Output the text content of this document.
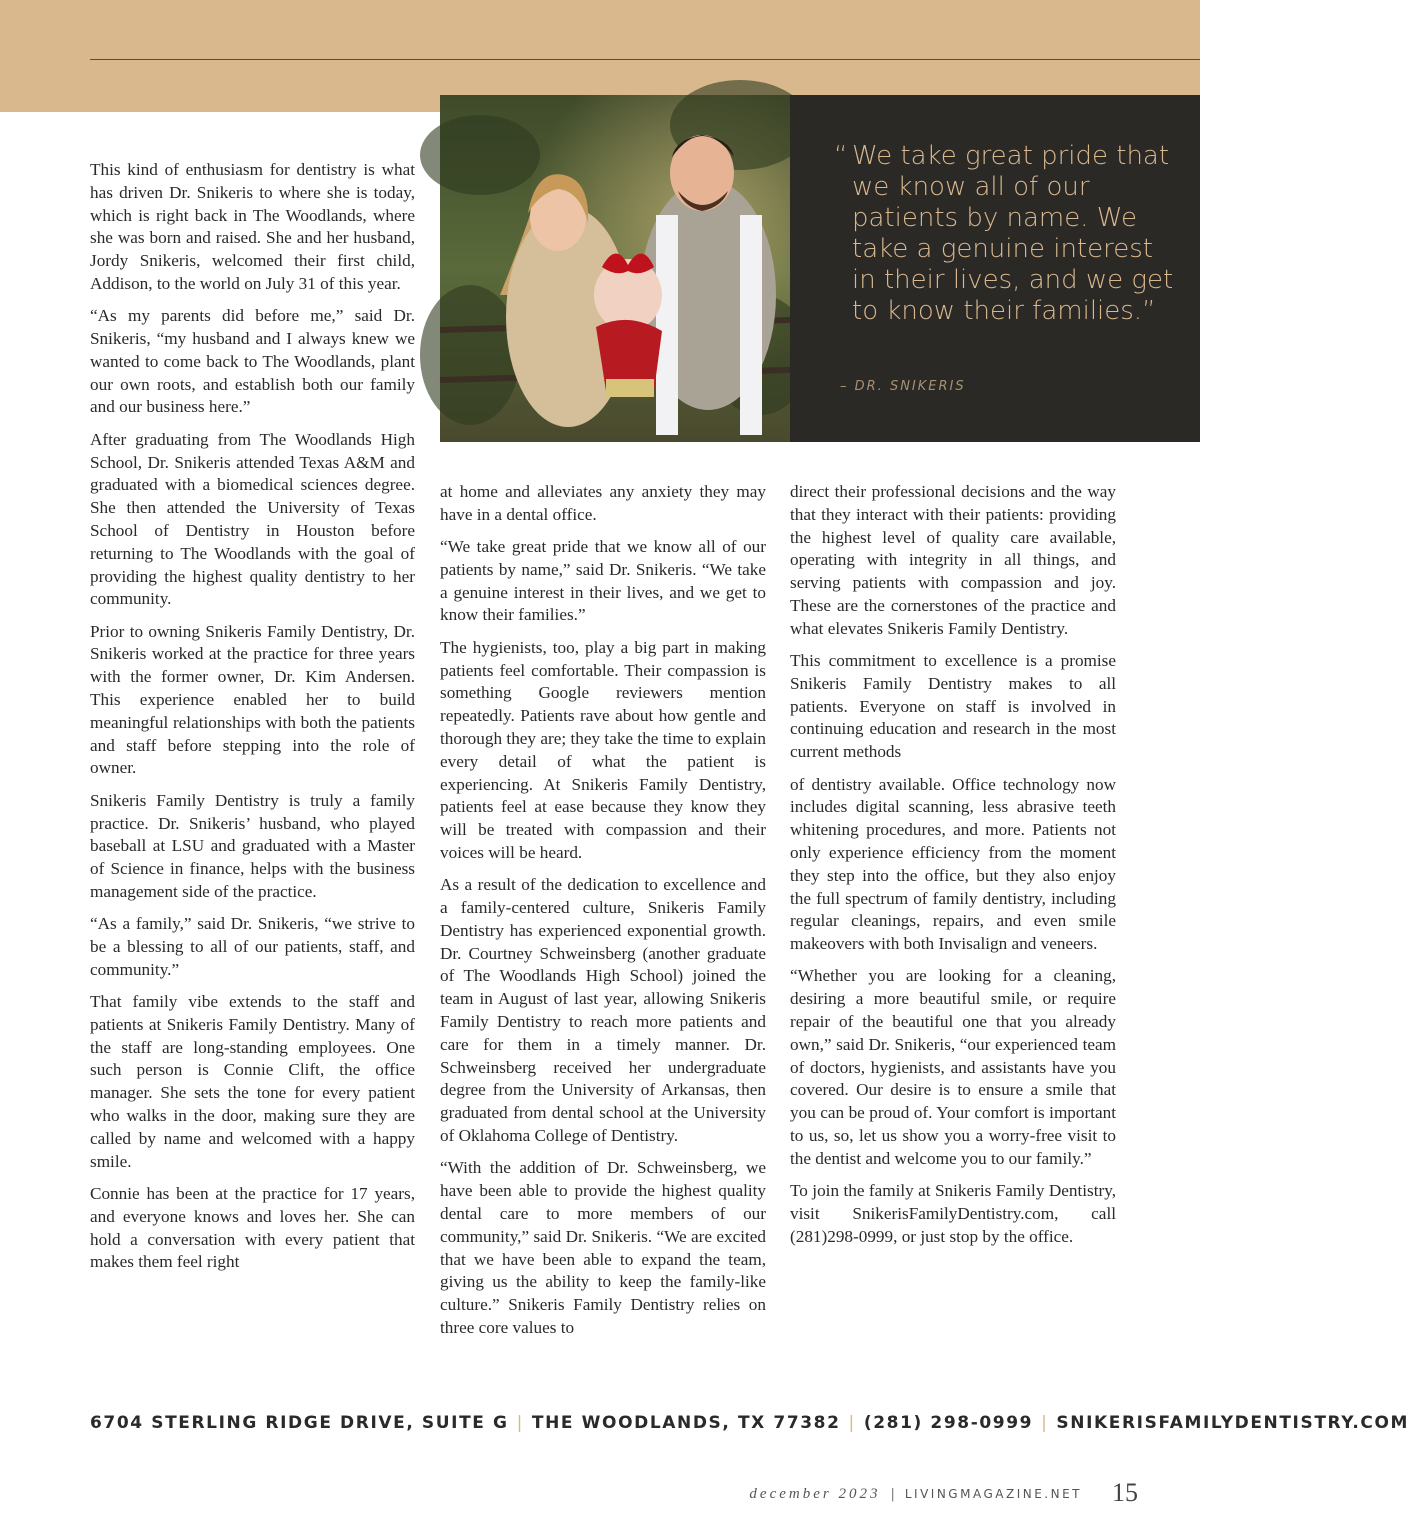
“ We take great pride that we know all of our patients by name. We take a genuine interest in their lives, and we get to know their families.”
– DR. SNIKERIS

This kind of enthusiasm for dentistry is what has driven Dr. Snikeris to where she is today, which is right back in The Woodlands, where she was born and raised. She and her husband, Jordy Snikeris, welcomed their first child, Addison, to the world on July 31 of this year.

“As my parents did before me,” said Dr. Snikeris, “my husband and I always knew we wanted to come back to The Woodlands, plant our own roots, and establish both our family and our business here.”

After graduating from The Woodlands High School, Dr. Snikeris attended Texas A&M and graduated with a biomedical sciences degree. She then attended the University of Texas School of Dentistry in Houston before returning to The Woodlands with the goal of providing the highest quality dentistry to her community.

Prior to owning Snikeris Family Dentistry, Dr. Snikeris worked at the practice for three years with the former owner, Dr. Kim Andersen. This experience enabled her to build meaningful relationships with both the patients and staff before stepping into the role of owner.

Snikeris Family Dentistry is truly a family practice. Dr. Snikeris’ husband, who played baseball at LSU and graduated with a Master of Science in finance, helps with the business management side of the practice.

“As a family,” said Dr. Snikeris, “we strive to be a blessing to all of our patients, staff, and community.”

That family vibe extends to the staff and patients at Snikeris Family Dentistry. Many of the staff are long-standing employees. One such person is Connie Clift, the office manager. She sets the tone for every patient who walks in the door, making sure they are called by name and welcomed with a happy smile.

Connie has been at the practice for 17 years, and everyone knows and loves her. She can hold a conversation with every patient that makes them feel right

at home and alleviates any anxiety they may have in a dental office.

“We take great pride that we know all of our patients by name,” said Dr. Snikeris. “We take a genuine interest in their lives, and we get to know their families.”

The hygienists, too, play a big part in making patients feel comfortable. Their compassion is something Google reviewers mention repeatedly. Patients rave about how gentle and thorough they are; they take the time to explain every detail of what the patient is experiencing. At Snikeris Family Dentistry, patients feel at ease because they know they will be treated with compassion and their voices will be heard.

As a result of the dedication to excellence and a family-centered culture, Snikeris Family Dentistry has experienced exponential growth. Dr. Courtney Schweinsberg (another graduate of The Woodlands High School) joined the team in August of last year, allowing Snikeris Family Dentistry to reach more patients and care for them in a timely manner. Dr. Schweinsberg received her undergraduate degree from the University of Arkansas, then graduated from dental school at the University of Oklahoma College of Dentistry.

“With the addition of Dr. Schweinsberg, we have been able to provide the highest quality dental care to more members of our community,” said Dr. Snikeris. “We are excited that we have been able to expand the team, giving us the ability to keep the family-like culture.” Snikeris Family Dentistry relies on three core values to

direct their professional decisions and the way that they interact with their patients: providing the highest level of quality care available, operating with integrity in all things, and serving patients with compassion and joy. These are the cornerstones of the practice and what elevates Snikeris Family Dentistry.

This commitment to excellence is a promise Snikeris Family Dentistry makes to all patients. Everyone on staff is involved in continuing education and research in the most current methods

of dentistry available. Office technology now includes digital scanning, less abrasive teeth whitening procedures, and more. Patients not only experience efficiency from the moment they step into the office, but they also enjoy the full spectrum of family dentistry, including regular cleanings, repairs, and even smile makeovers with both Invisalign and veneers.

“Whether you are looking for a cleaning, desiring a more beautiful smile, or require repair of the beautiful one that you already own,” said Dr. Snikeris, “our experienced team of doctors, hygienists, and assistants have you covered. Our desire is to ensure a smile that you can be proud of. Your comfort is important to us, so, let us show you a worry-free visit to the dentist and welcome you to our family.”

To join the family at Snikeris Family Dentistry, visit SnikerisFamilyDentistry.com, call (281)298-0999, or just stop by the office.

6704 STERLING RIDGE DRIVE, SUITE G | THE WOODLANDS, TX 77382 | (281) 298-0999 | SNIKERISFAMILYDENTISTRY.COM
december 2023 | LIVINGMAGAZINE.NET 15
